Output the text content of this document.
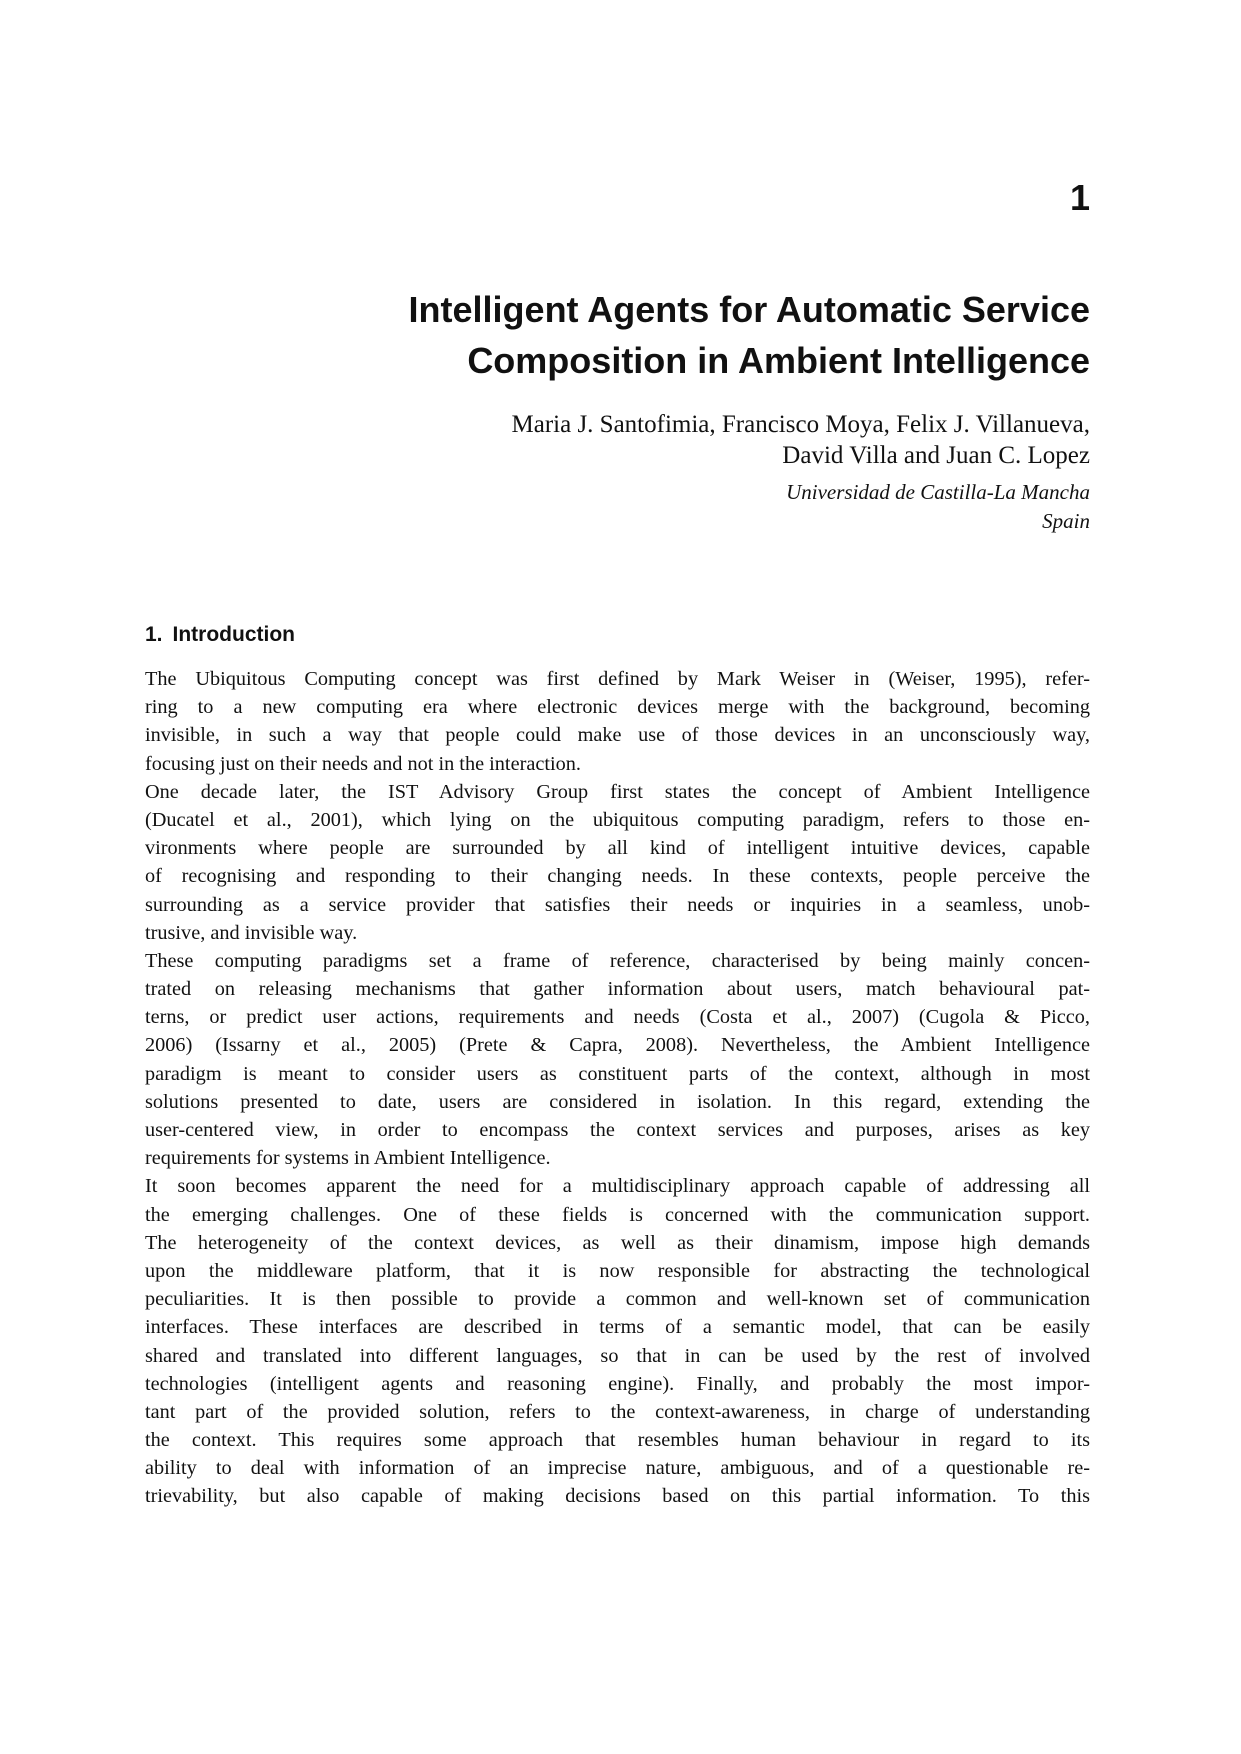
1
Intelligent Agents for Automatic Service
Composition in Ambient Intelligence
Maria J. Santofimia, Francisco Moya, Felix J. Villanueva,
David Villa and Juan C. Lopez
Universidad de Castilla-La Mancha
Spain
1. Introduction

The Ubiquitous Computing concept was first defined by Mark Weiser in (Weiser, 1995), refer-
ring to a new computing era where electronic devices merge with the background, becoming
invisible, in such a way that people could make use of those devices in an unconsciously way,
focusing just on their needs and not in the interaction.

One decade later, the IST Advisory Group first states the concept of Ambient Intelligence
(Ducatel et al., 2001), which lying on the ubiquitous computing paradigm, refers to those en-
vironments where people are surrounded by all kind of intelligent intuitive devices, capable
of recognising and responding to their changing needs. In these contexts, people perceive the
surrounding as a service provider that satisfies their needs or inquiries in a seamless, unob-
trusive, and invisible way.

These computing paradigms set a frame of reference, characterised by being mainly concen-
trated on releasing mechanisms that gather information about users, match behavioural pat-
terns, or predict user actions, requirements and needs (Costa et al., 2007) (Cugola & Picco,
2006) (Issarny et al., 2005) (Prete & Capra, 2008). Nevertheless, the Ambient Intelligence
paradigm is meant to consider users as constituent parts of the context, although in most
solutions presented to date, users are considered in isolation. In this regard, extending the
user-centered view, in order to encompass the context services and purposes, arises as key
requirements for systems in Ambient Intelligence.

It soon becomes apparent the need for a multidisciplinary approach capable of addressing all
the emerging challenges. One of these fields is concerned with the communication support.
The heterogeneity of the context devices, as well as their dinamism, impose high demands
upon the middleware platform, that it is now responsible for abstracting the technological
peculiarities. It is then possible to provide a common and well-known set of communication
interfaces. These interfaces are described in terms of a semantic model, that can be easily
shared and translated into different languages, so that in can be used by the rest of involved
technologies (intelligent agents and reasoning engine). Finally, and probably the most impor-
tant part of the provided solution, refers to the context-awareness, in charge of understanding
the context. This requires some approach that resembles human behaviour in regard to its
ability to deal with information of an imprecise nature, ambiguous, and of a questionable re-
trievability, but also capable of making decisions based on this partial information. To this
